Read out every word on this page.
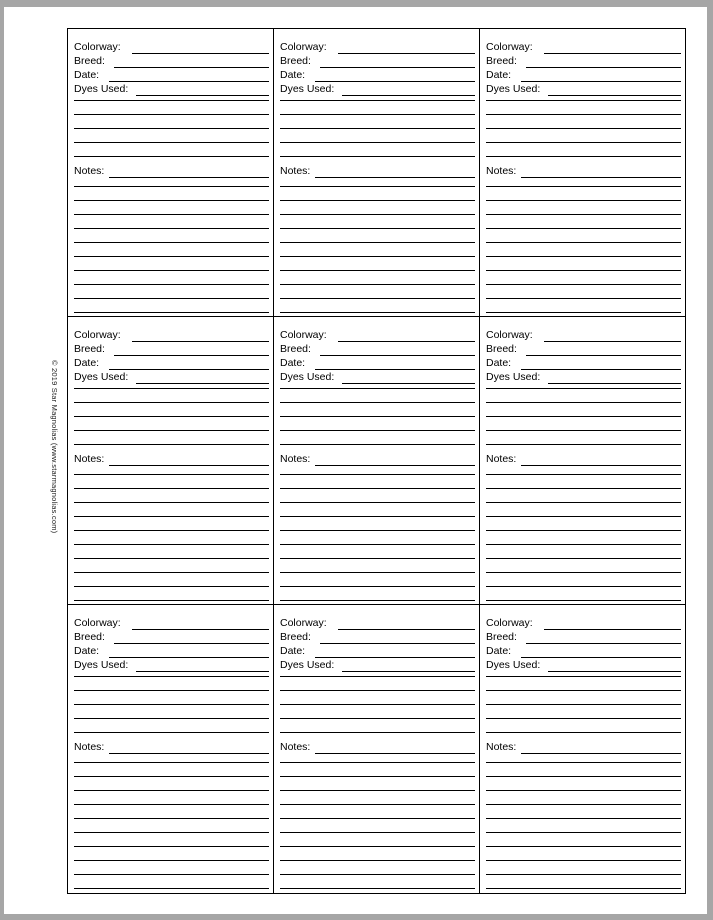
© 2019 Star Magnolias (www.starmagnolias.com)
Colorway:
Breed:
Date:
Dyes Used:
Notes:
Colorway:
Breed:
Date:
Dyes Used:
Notes:
Colorway:
Breed:
Date:
Dyes Used:
Notes:
Colorway:
Breed:
Date:
Dyes Used:
Notes:
Colorway:
Breed:
Date:
Dyes Used:
Notes:
Colorway:
Breed:
Date:
Dyes Used:
Notes:
Colorway:
Breed:
Date:
Dyes Used:
Notes:
Colorway:
Breed:
Date:
Dyes Used:
Notes:
Colorway:
Breed:
Date:
Dyes Used:
Notes:
